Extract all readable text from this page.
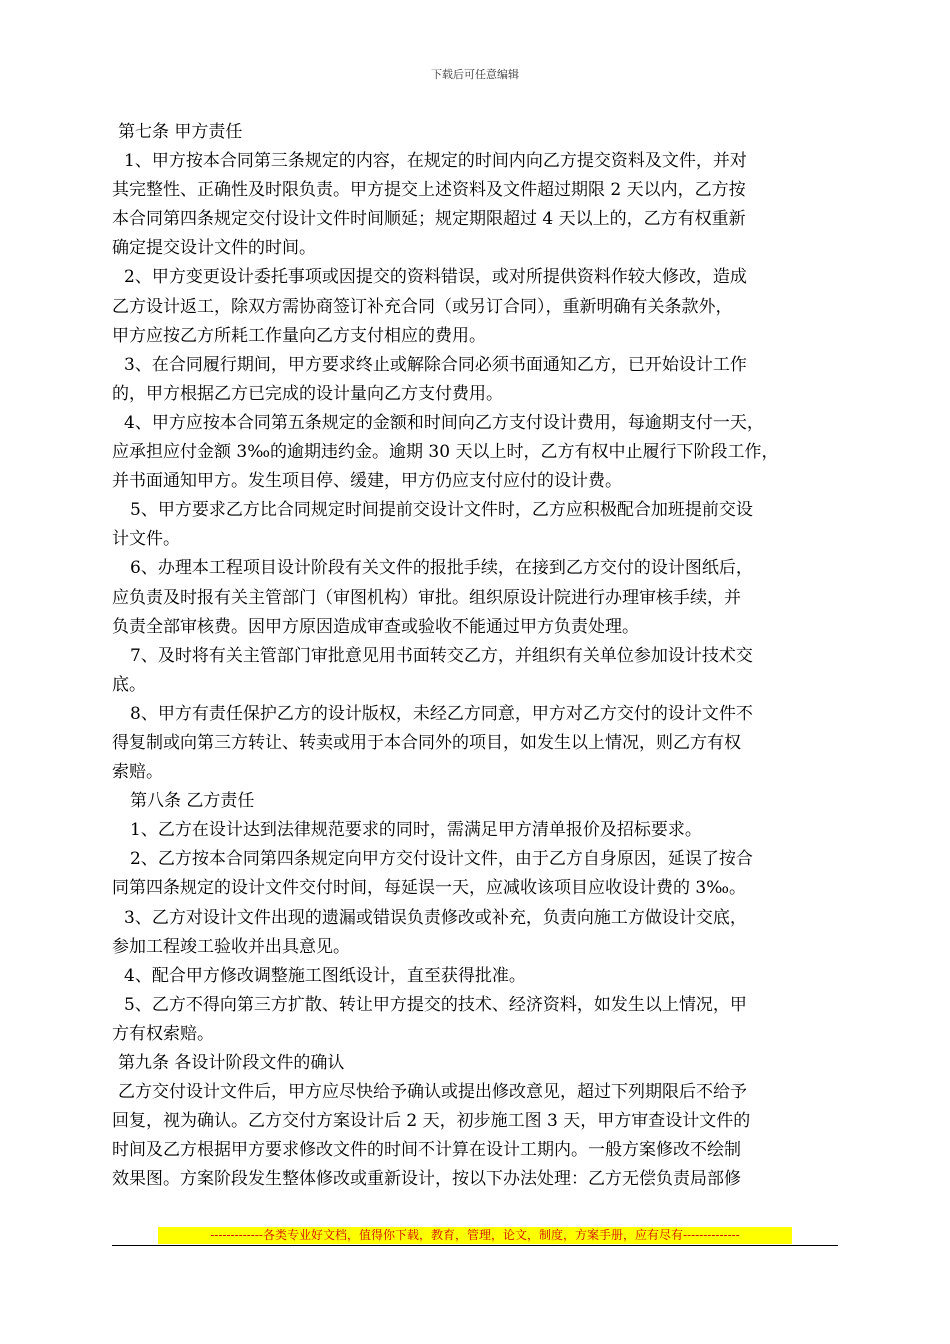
下载后可任意编辑
第七条 甲方责任
1、甲方按本合同第三条规定的内容，在规定的时间内向乙方提交资料及文件，并对
其完整性、正确性及时限负责。甲方提交上述资料及文件超过期限 2 天以内，乙方按
本合同第四条规定交付设计文件时间顺延；规定期限超过 4 天以上的，乙方有权重新
确定提交设计文件的时间。
2、甲方变更设计委托事项或因提交的资料错误，或对所提供资料作较大修改，造成
乙方设计返工，除双方需协商签订补充合同（或另订合同），重新明确有关条款外，
甲方应按乙方所耗工作量向乙方支付相应的费用。
3、在合同履行期间，甲方要求终止或解除合同必须书面通知乙方，已开始设计工作
的，甲方根据乙方已完成的设计量向乙方支付费用。
4、甲方应按本合同第五条规定的金额和时间向乙方支付设计费用，每逾期支付一天，
应承担应付金额 3‰的逾期违约金。逾期 30 天以上时，乙方有权中止履行下阶段工作，
并书面通知甲方。发生项目停、缓建，甲方仍应支付应付的设计费。
5、甲方要求乙方比合同规定时间提前交设计文件时，乙方应积极配合加班提前交设
计文件。
6、办理本工程项目设计阶段有关文件的报批手续，在接到乙方交付的设计图纸后，
应负责及时报有关主管部门（审图机构）审批。组织原设计院进行办理审核手续，并
负责全部审核费。因甲方原因造成审查或验收不能通过甲方负责处理。
7、及时将有关主管部门审批意见用书面转交乙方，并组织有关单位参加设计技术交
底。
8、甲方有责任保护乙方的设计版权，未经乙方同意，甲方对乙方交付的设计文件不
得复制或向第三方转让、转卖或用于本合同外的项目，如发生以上情况，则乙方有权
索赔。
第八条 乙方责任
1、乙方在设计达到法律规范要求的同时，需满足甲方清单报价及招标要求。
2、乙方按本合同第四条规定向甲方交付设计文件，由于乙方自身原因，延误了按合
同第四条规定的设计文件交付时间，每延误一天，应减收该项目应收设计费的 3‰。
3、乙方对设计文件出现的遗漏或错误负责修改或补充，负责向施工方做设计交底，
参加工程竣工验收并出具意见。
4、配合甲方修改调整施工图纸设计，直至获得批准。
5、乙方不得向第三方扩散、转让甲方提交的技术、经济资料，如发生以上情况，甲
方有权索赔。
第九条 各设计阶段文件的确认
乙方交付设计文件后，甲方应尽快给予确认或提出修改意见，超过下列期限后不给予
回复，视为确认。乙方交付方案设计后 2 天，初步施工图 3 天，甲方审查设计文件的
时间及乙方根据甲方要求修改文件的时间不计算在设计工期内。一般方案修改不绘制
效果图。方案阶段发生整体修改或重新设计，按以下办法处理：乙方无偿负责局部修
-------------各类专业好文档，值得你下载，教育，管理，论文，制度，方案手册，应有尽有--------------
